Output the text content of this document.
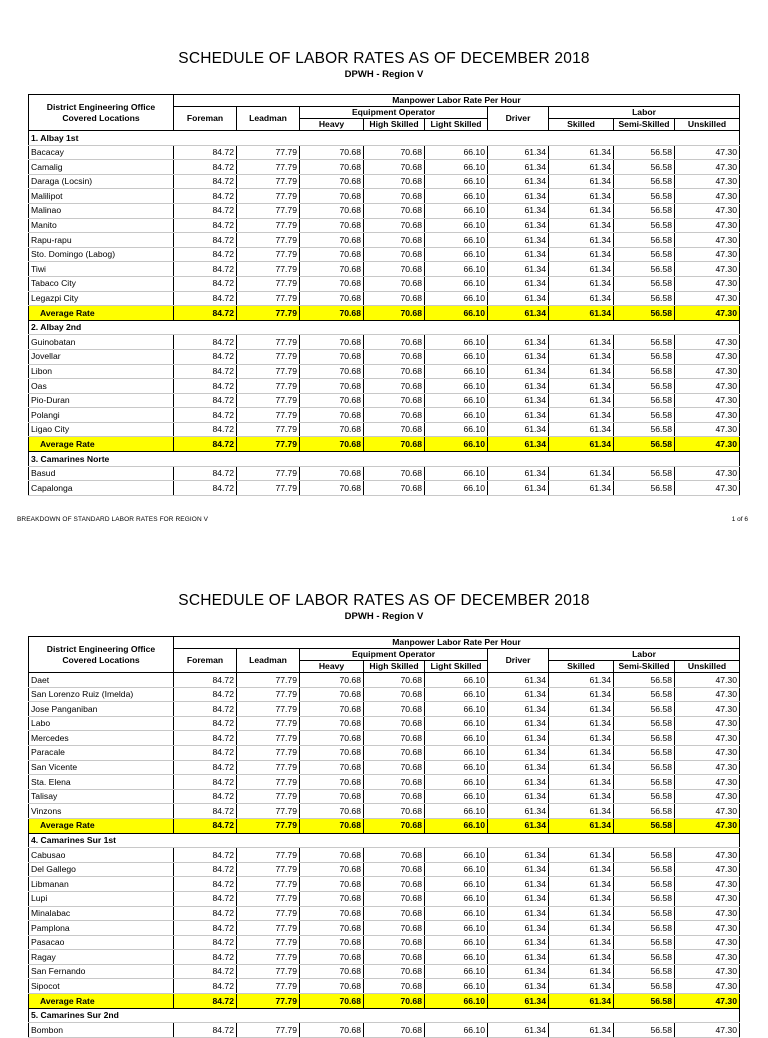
SCHEDULE OF LABOR RATES AS OF DECEMBER 2018
DPWH - Region V
District Engineering Office
Covered Locations	Manpower Labor Rate Per Hour								
	Foreman	Leadman	Equipment Operator			Driver	Labor		
			Heavy	High Skilled	Light Skilled		Skilled	Semi-Skilled	Unskilled
1. Albay 1st									
Bacacay	84.72	77.79	70.68	70.68	66.10	61.34	61.34	56.58	47.30
Camalig	84.72	77.79	70.68	70.68	66.10	61.34	61.34	56.58	47.30
Daraga (Locsin)	84.72	77.79	70.68	70.68	66.10	61.34	61.34	56.58	47.30
Malilipot	84.72	77.79	70.68	70.68	66.10	61.34	61.34	56.58	47.30
Malinao	84.72	77.79	70.68	70.68	66.10	61.34	61.34	56.58	47.30
Manito	84.72	77.79	70.68	70.68	66.10	61.34	61.34	56.58	47.30
Rapu-rapu	84.72	77.79	70.68	70.68	66.10	61.34	61.34	56.58	47.30
Sto. Domingo (Labog)	84.72	77.79	70.68	70.68	66.10	61.34	61.34	56.58	47.30
Tiwi	84.72	77.79	70.68	70.68	66.10	61.34	61.34	56.58	47.30
Tabaco City	84.72	77.79	70.68	70.68	66.10	61.34	61.34	56.58	47.30
Legazpi City	84.72	77.79	70.68	70.68	66.10	61.34	61.34	56.58	47.30
Average Rate	84.72	77.79	70.68	70.68	66.10	61.34	61.34	56.58	47.30
2. Albay 2nd									
Guinobatan	84.72	77.79	70.68	70.68	66.10	61.34	61.34	56.58	47.30
Jovellar	84.72	77.79	70.68	70.68	66.10	61.34	61.34	56.58	47.30
Libon	84.72	77.79	70.68	70.68	66.10	61.34	61.34	56.58	47.30
Oas	84.72	77.79	70.68	70.68	66.10	61.34	61.34	56.58	47.30
Pio-Duran	84.72	77.79	70.68	70.68	66.10	61.34	61.34	56.58	47.30
Polangi	84.72	77.79	70.68	70.68	66.10	61.34	61.34	56.58	47.30
Ligao City	84.72	77.79	70.68	70.68	66.10	61.34	61.34	56.58	47.30
Average Rate	84.72	77.79	70.68	70.68	66.10	61.34	61.34	56.58	47.30
3. Camarines Norte									
Basud	84.72	77.79	70.68	70.68	66.10	61.34	61.34	56.58	47.30
Capalonga	84.72	77.79	70.68	70.68	66.10	61.34	61.34	56.58	47.30
BREAKDOWN OF STANDARD LABOR RATES FOR REGION V	1 of 6
SCHEDULE OF LABOR RATES AS OF DECEMBER 2018
DPWH - Region V
District Engineering Office
Covered Locations	Manpower Labor Rate Per Hour								
	Foreman	Leadman	Equipment Operator			Driver	Labor		
			Heavy	High Skilled	Light Skilled		Skilled	Semi-Skilled	Unskilled
Daet	84.72	77.79	70.68	70.68	66.10	61.34	61.34	56.58	47.30
San Lorenzo Ruiz (Imelda)	84.72	77.79	70.68	70.68	66.10	61.34	61.34	56.58	47.30
Jose Panganiban	84.72	77.79	70.68	70.68	66.10	61.34	61.34	56.58	47.30
Labo	84.72	77.79	70.68	70.68	66.10	61.34	61.34	56.58	47.30
Mercedes	84.72	77.79	70.68	70.68	66.10	61.34	61.34	56.58	47.30
Paracale	84.72	77.79	70.68	70.68	66.10	61.34	61.34	56.58	47.30
San Vicente	84.72	77.79	70.68	70.68	66.10	61.34	61.34	56.58	47.30
Sta. Elena	84.72	77.79	70.68	70.68	66.10	61.34	61.34	56.58	47.30
Talisay	84.72	77.79	70.68	70.68	66.10	61.34	61.34	56.58	47.30
Vinzons	84.72	77.79	70.68	70.68	66.10	61.34	61.34	56.58	47.30
Average Rate	84.72	77.79	70.68	70.68	66.10	61.34	61.34	56.58	47.30
4. Camarines Sur 1st									
Cabusao	84.72	77.79	70.68	70.68	66.10	61.34	61.34	56.58	47.30
Del Gallego	84.72	77.79	70.68	70.68	66.10	61.34	61.34	56.58	47.30
Libmanan	84.72	77.79	70.68	70.68	66.10	61.34	61.34	56.58	47.30
Lupi	84.72	77.79	70.68	70.68	66.10	61.34	61.34	56.58	47.30
Minalabac	84.72	77.79	70.68	70.68	66.10	61.34	61.34	56.58	47.30
Pamplona	84.72	77.79	70.68	70.68	66.10	61.34	61.34	56.58	47.30
Pasacao	84.72	77.79	70.68	70.68	66.10	61.34	61.34	56.58	47.30
Ragay	84.72	77.79	70.68	70.68	66.10	61.34	61.34	56.58	47.30
San Fernando	84.72	77.79	70.68	70.68	66.10	61.34	61.34	56.58	47.30
Sipocot	84.72	77.79	70.68	70.68	66.10	61.34	61.34	56.58	47.30
Average Rate	84.72	77.79	70.68	70.68	66.10	61.34	61.34	56.58	47.30
5. Camarines Sur 2nd									
Bombon	84.72	77.79	70.68	70.68	66.10	61.34	61.34	56.58	47.30
